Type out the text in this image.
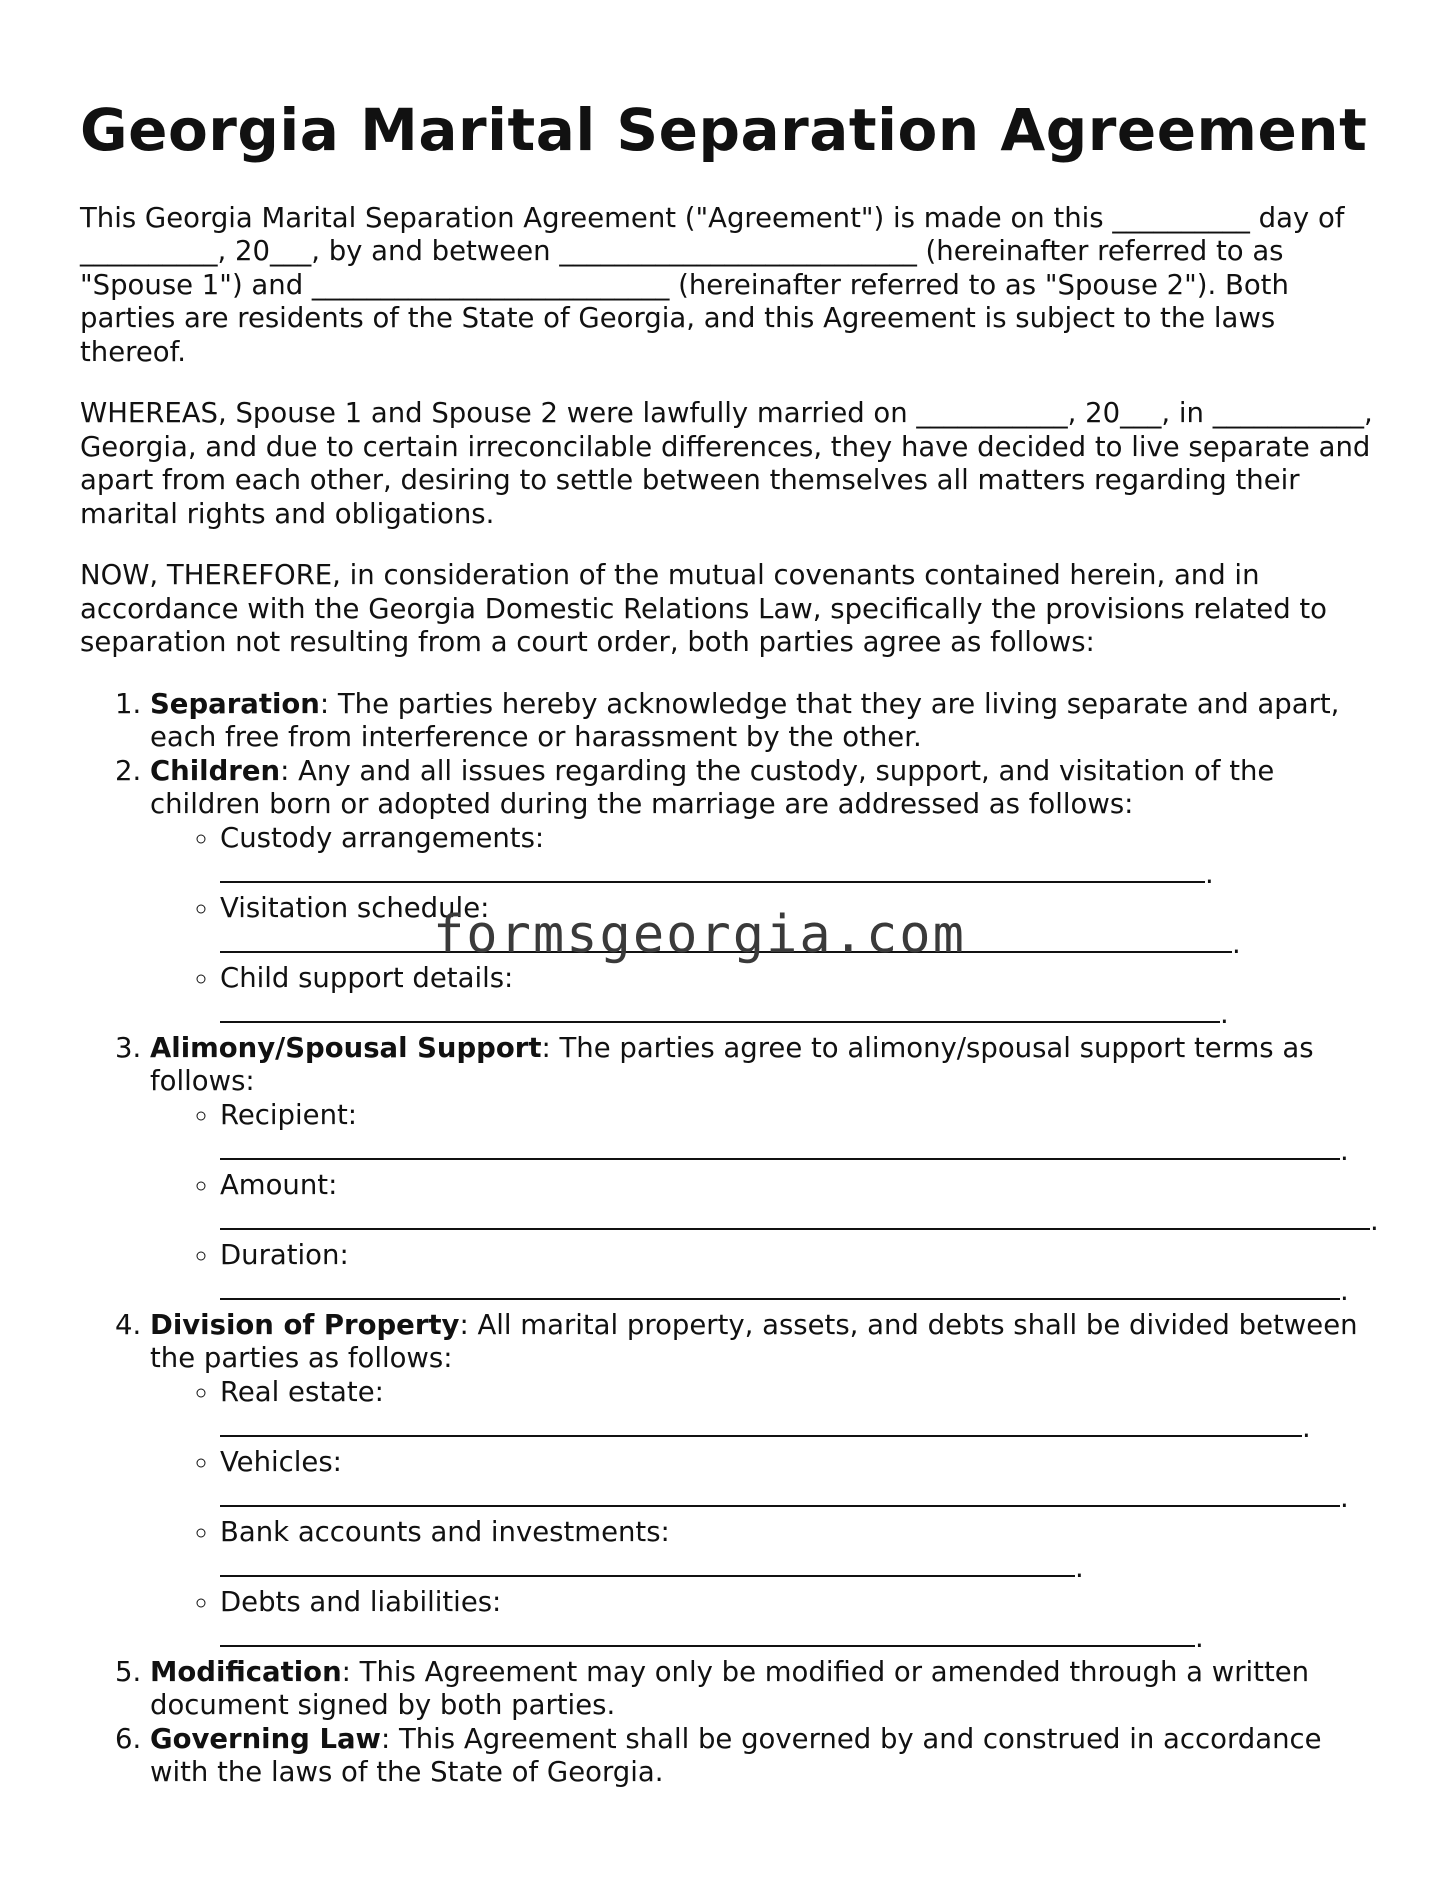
Georgia Marital Separation Agreement

This Georgia Marital Separation Agreement ("Agreement") is made on this __________ day of __________, 20___, by and between __________________________ (hereinafter referred to as "Spouse 1") and __________________________ (hereinafter referred to as "Spouse 2"). Both parties are residents of the State of Georgia, and this Agreement is subject to the laws thereof.

WHEREAS, Spouse 1 and Spouse 2 were lawfully married on ___________, 20___, in ___________, Georgia, and due to certain irreconcilable differences, they have decided to live separate and apart from each other, desiring to settle between themselves all matters regarding their marital rights and obligations.

NOW, THEREFORE, in consideration of the mutual covenants contained herein, and in accordance with the Georgia Domestic Relations Law, specifically the provisions related to separation not resulting from a court order, both parties agree as follows:

1. Separation: The parties hereby acknowledge that they are living separate and apart, each free from interference or harassment by the other.
2. Children: Any and all issues regarding the custody, support, and visitation of the children born or adopted during the marriage are addressed as follows:
◦ Custody arrangements:
.
◦ Visitation schedule:
.
◦ Child support details:
.
3. Alimony/Spousal Support: The parties agree to alimony/spousal support terms as follows:
◦ Recipient:
.
◦ Amount:
.
◦ Duration:
.
4. Division of Property: All marital property, assets, and debts shall be divided between the parties as follows:
◦ Real estate:
.
◦ Vehicles:
.
◦ Bank accounts and investments:
.
◦ Debts and liabilities:
.
5. Modification: This Agreement may only be modified or amended through a written document signed by both parties.
6. Governing Law: This Agreement shall be governed by and construed in accordance with the laws of the State of Georgia.
formsgeorgia.com
